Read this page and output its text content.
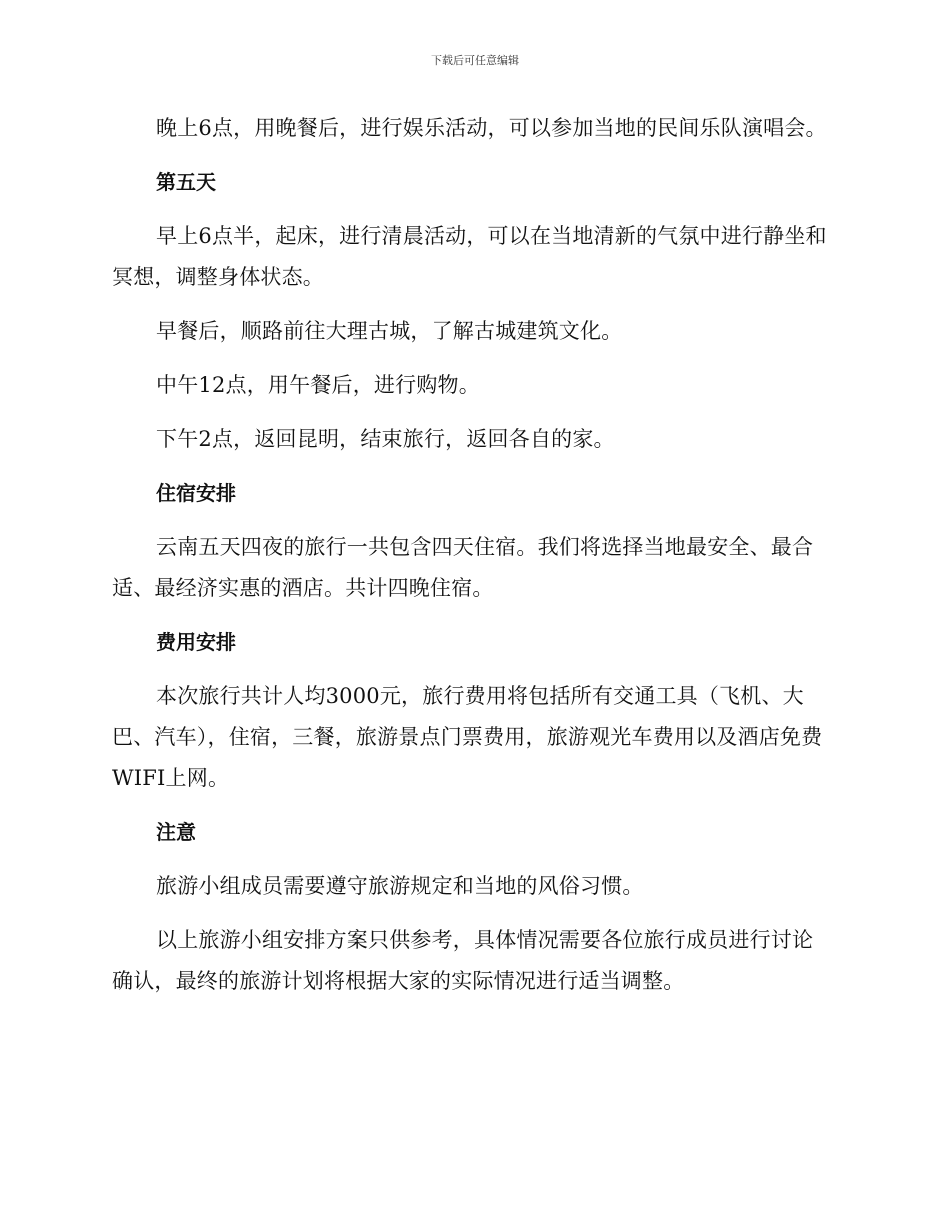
下载后可任意编辑

晚上6点，用晚餐后，进行娱乐活动，可以参加当地的民间乐队演唱会。

第五天

早上6点半，起床，进行清晨活动，可以在当地清新的气氛中进行静坐和冥想，调整身体状态。

早餐后，顺路前往大理古城，了解古城建筑文化。

中午12点，用午餐后，进行购物。

下午2点，返回昆明，结束旅行，返回各自的家。

住宿安排

云南五天四夜的旅行一共包含四天住宿。我们将选择当地最安全、最合适、最经济实惠的酒店。共计四晚住宿。

费用安排

本次旅行共计人均3000元，旅行费用将包括所有交通工具（飞机、大巴、汽车），住宿，三餐，旅游景点门票费用，旅游观光车费用以及酒店免费WIFI上网。

注意

旅游小组成员需要遵守旅游规定和当地的风俗习惯。

以上旅游小组安排方案只供参考，具体情况需要各位旅行成员进行讨论确认，最终的旅游计划将根据大家的实际情况进行适当调整。
